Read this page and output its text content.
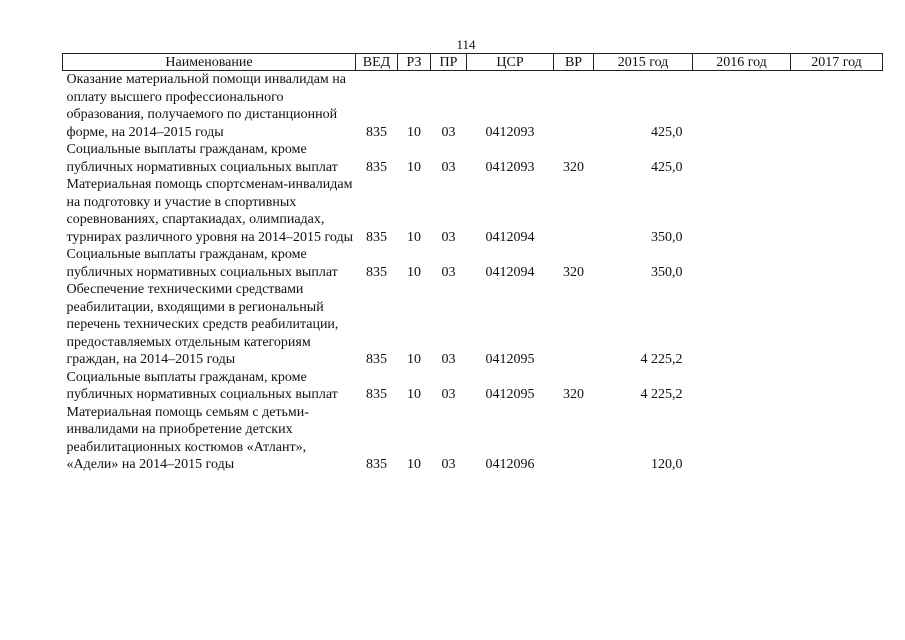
114
Наименование	ВЕД	РЗ	ПР	ЦСР	ВР	2015 год	2016 год	2017 год
Оказание материальной помощи инвалидам на оплату высшего профессионального образования, получаемого по дистанционной форме, на 2014–2015 годы	835	10	03	0412093		425,0		
Социальные выплаты гражданам, кроме публичных нормативных социальных выплат	835	10	03	0412093	320	425,0		
Материальная помощь спортсменам-инвалидам на подготовку и участие в спортивных соревнованиях, спартакиадах, олимпиадах, турнирах различного уровня на 2014–2015 годы	835	10	03	0412094		350,0		
Социальные выплаты гражданам, кроме публичных нормативных социальных выплат	835	10	03	0412094	320	350,0		
Обеспечение техническими средствами реабилитации, входящими в региональный перечень технических средств реабилитации, предоставляемых отдельным категориям граждан, на 2014–2015 годы	835	10	03	0412095		4 225,2		
Социальные выплаты гражданам, кроме публичных нормативных социальных выплат	835	10	03	0412095	320	4 225,2		
Материальная помощь семьям с детьми-инвалидами на приобретение детских реабилитационных костюмов «Атлант», «Адели» на 2014–2015 годы	835	10	03	0412096		120,0		
